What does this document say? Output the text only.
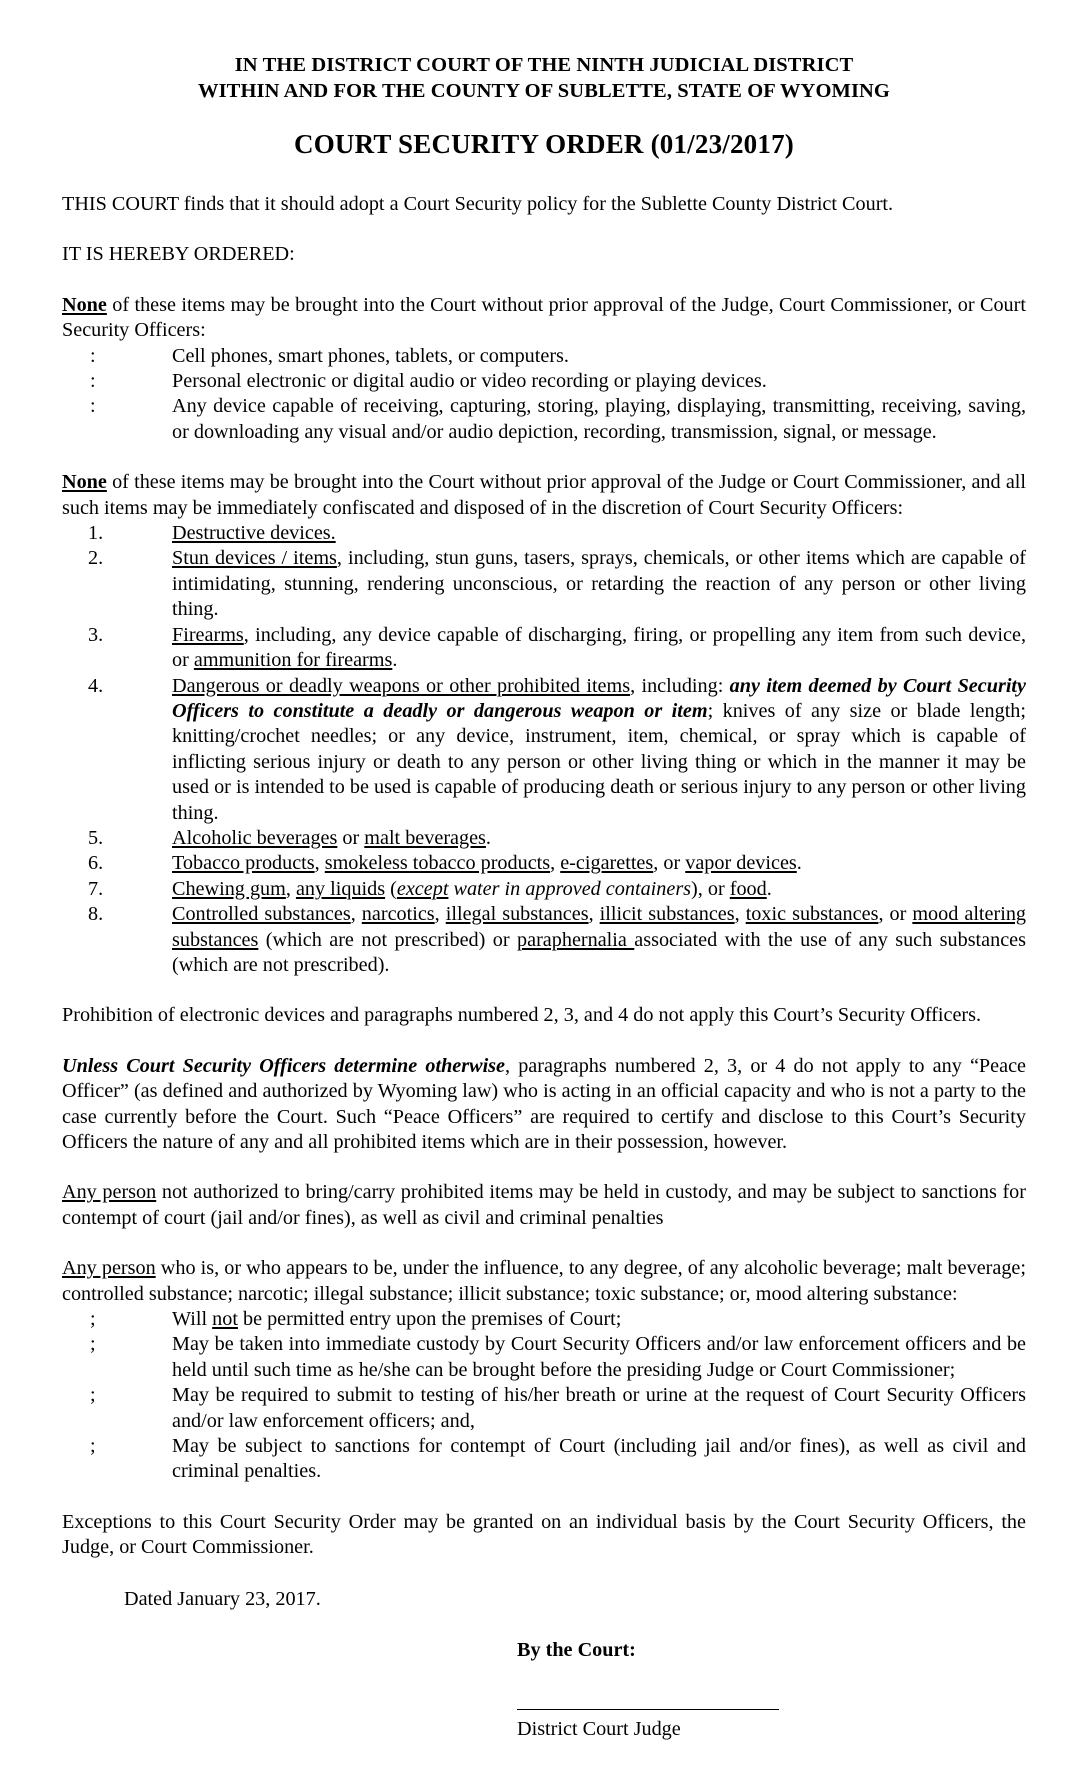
IN THE DISTRICT COURT OF THE NINTH JUDICIAL DISTRICT
WITHIN AND FOR THE COUNTY OF SUBLETTE, STATE OF WYOMING
COURT SECURITY ORDER (01/23/2017)
THIS COURT finds that it should adopt a Court Security policy for the Sublette County District Court.
IT IS HEREBY ORDERED:
None of these items may be brought into the Court without prior approval of the Judge, Court Commissioner, or Court Security Officers:
:	Cell phones, smart phones, tablets, or computers.
:	Personal electronic or digital audio or video recording or playing devices.
:	Any device capable of receiving, capturing, storing, playing, displaying, transmitting, receiving, saving, or downloading any visual and/or audio depiction, recording, transmission, signal, or message.
None of these items may be brought into the Court without prior approval of the Judge or Court Commissioner, and all such items may be immediately confiscated and disposed of in the discretion of Court Security Officers:
1.	Destructive devices.
2.	Stun devices / items, including, stun guns, tasers, sprays, chemicals, or other items which are capable of intimidating, stunning, rendering unconscious, or retarding the reaction of any person or other living thing.
3.	Firearms, including, any device capable of discharging, firing, or propelling any item from such device, or ammunition for firearms.
4.	Dangerous or deadly weapons or other prohibited items, including: any item deemed by Court Security Officers to constitute a deadly or dangerous weapon or item; knives of any size or blade length; knitting/crochet needles; or any device, instrument, item, chemical, or spray which is capable of inflicting serious injury or death to any person or other living thing or which in the manner it may be used or is intended to be used is capable of producing death or serious injury to any person or other living thing.
5.	Alcoholic beverages or malt beverages.
6.	Tobacco products, smokeless tobacco products, e-cigarettes, or vapor devices.
7.	Chewing gum, any liquids (except water in approved containers), or food.
8.	Controlled substances, narcotics, illegal substances, illicit substances, toxic substances, or mood altering substances (which are not prescribed) or paraphernalia associated with the use of any such substances (which are not prescribed).
Prohibition of electronic devices and paragraphs numbered 2, 3, and 4 do not apply this Court’s Security Officers.
Unless Court Security Officers determine otherwise, paragraphs numbered 2, 3, or 4 do not apply to any “Peace Officer” (as defined and authorized by Wyoming law) who is acting in an official capacity and who is not a party to the case currently before the Court. Such “Peace Officers” are required to certify and disclose to this Court’s Security Officers the nature of any and all prohibited items which are in their possession, however.
Any person not authorized to bring/carry prohibited items may be held in custody, and may be subject to sanctions for contempt of court (jail and/or fines), as well as civil and criminal penalties
Any person who is, or who appears to be, under the influence, to any degree, of any alcoholic beverage; malt beverage; controlled substance; narcotic; illegal substance; illicit substance; toxic substance; or, mood altering substance:
;	Will not be permitted entry upon the premises of Court;
;	May be taken into immediate custody by Court Security Officers and/or law enforcement officers and be held until such time as he/she can be brought before the presiding Judge or Court Commissioner;
;	May be required to submit to testing of his/her breath or urine at the request of Court Security Officers and/or law enforcement officers; and,
;	May be subject to sanctions for contempt of Court (including jail and/or fines), as well as civil and criminal penalties.
Exceptions to this Court Security Order may be granted on an individual basis by the Court Security Officers, the Judge, or Court Commissioner.
Dated January 23, 2017.
By the Court:
District Court Judge
